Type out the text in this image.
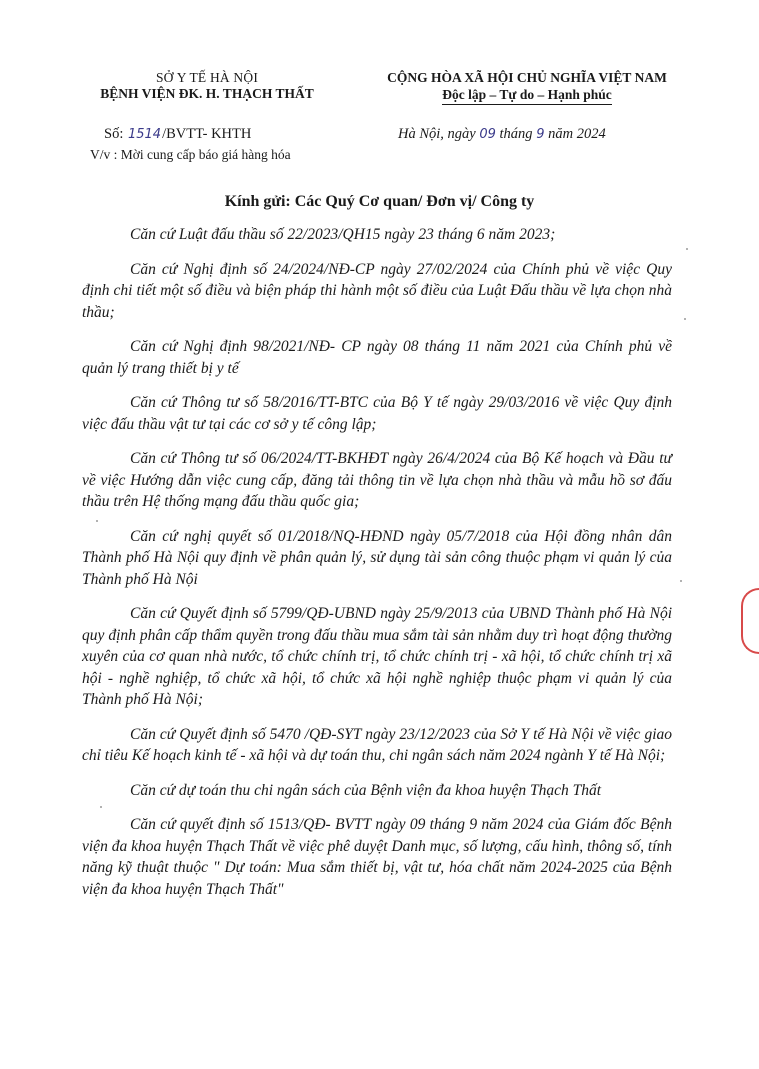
SỞ Y TẾ HÀ NỘI
BỆNH VIỆN ĐK. H. THẠCH THẤT
CỘNG HÒA XÃ HỘI CHỦ NGHĨA VIỆT NAM
Độc lập – Tự do – Hạnh phúc
Số: 1514/BVTT- KHTH
V/v : Mời cung cấp báo giá hàng hóa
Hà Nội, ngày 09 tháng 9 năm 2024
Kính gửi: Các Quý Cơ quan/ Đơn vị/ Công ty

Căn cứ Luật đấu thầu số 22/2023/QH15 ngày 23 tháng 6 năm 2023;

Căn cứ Nghị định số 24/2024/NĐ-CP ngày 27/02/2024 của Chính phủ về việc Quy định chi tiết một số điều và biện pháp thi hành một số điều của Luật Đấu thầu về lựa chọn nhà thầu;

Căn cứ Nghị định 98/2021/NĐ- CP ngày 08 tháng 11 năm 2021 của Chính phủ về quản lý trang thiết bị y tế

Căn cứ Thông tư số 58/2016/TT-BTC của Bộ Y tế ngày 29/03/2016 về việc Quy định việc đấu thầu vật tư tại các cơ sở y tế công lập;

Căn cứ Thông tư số 06/2024/TT-BKHĐT ngày 26/4/2024 của Bộ Kế hoạch và Đầu tư về việc Hướng dẫn việc cung cấp, đăng tải thông tin về lựa chọn nhà thầu và mẫu hồ sơ đấu thầu trên Hệ thống mạng đấu thầu quốc gia;

Căn cứ nghị quyết số 01/2018/NQ-HĐND ngày 05/7/2018 của Hội đồng nhân dân Thành phố Hà Nội quy định về phân quản lý, sử dụng tài sản công thuộc phạm vi quản lý của Thành phố Hà Nội

Căn cứ Quyết định số 5799/QĐ-UBND ngày 25/9/2013 của UBND Thành phố Hà Nội quy định phân cấp thẩm quyền trong đấu thầu mua sắm tài sản nhằm duy trì hoạt động thường xuyên của cơ quan nhà nước, tổ chức chính trị, tổ chức chính trị - xã hội, tổ chức chính trị xã hội - nghề nghiệp, tổ chức xã hội, tổ chức xã hội nghề nghiệp thuộc phạm vi quản lý của Thành phố Hà Nội;

Căn cứ Quyết định số 5470 /QĐ-SYT ngày 23/12/2023 của Sở Y tế Hà Nội về việc giao chỉ tiêu Kế hoạch kinh tế - xã hội và dự toán thu, chi ngân sách năm 2024 ngành Y tế Hà Nội;

Căn cứ dự toán thu chi ngân sách của Bệnh viện đa khoa huyện Thạch Thất

Căn cứ quyết định số 1513/QĐ- BVTT ngày 09 tháng 9 năm 2024 của Giám đốc Bệnh viện đa khoa huyện Thạch Thất về việc phê duyệt Danh mục, số lượng, cấu hình, thông số, tính năng kỹ thuật thuộc " Dự toán: Mua sắm thiết bị, vật tư, hóa chất năm 2024-2025 của Bệnh viện đa khoa huyện Thạch Thất"
